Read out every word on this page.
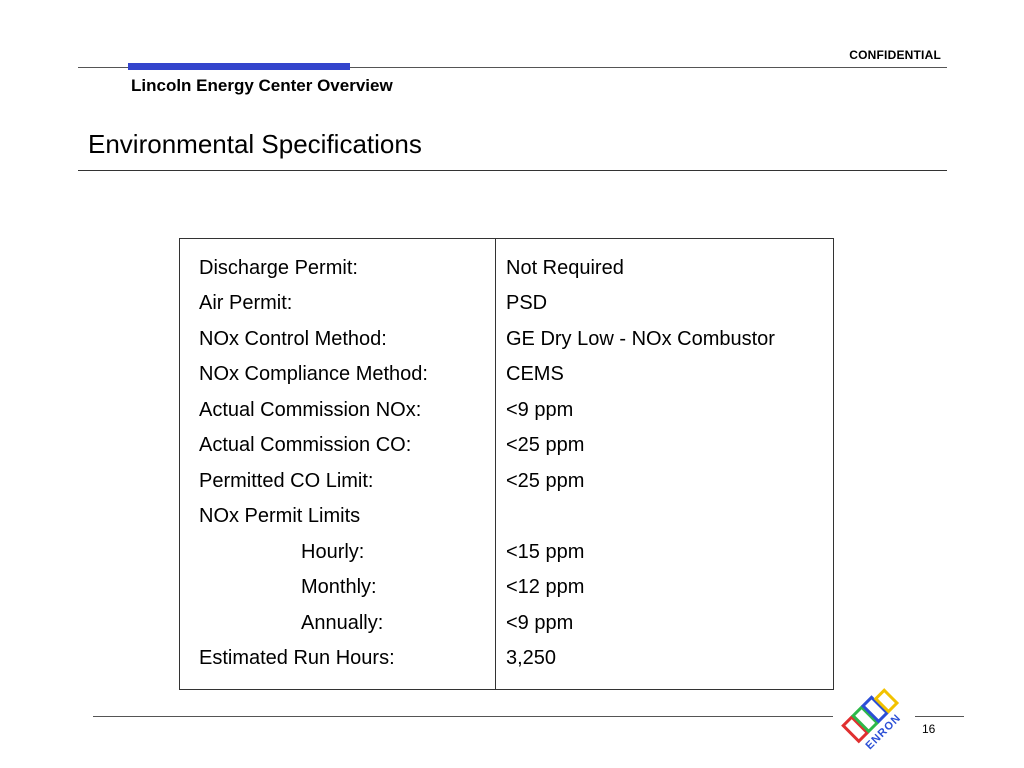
CONFIDENTIAL
Lincoln Energy Center Overview
Environmental Specifications
Discharge Permit:	Not Required
Air Permit:	PSD
NOx Control Method:	GE Dry Low - NOx Combustor
NOx Compliance Method:	CEMS
Actual Commission NOx:	<9 ppm
Actual Commission CO:	<25 ppm
Permitted CO Limit:	<25 ppm
NOx Permit Limits
Hourly:	<15 ppm
Monthly:	<12 ppm
Annually:	<9 ppm
Estimated Run Hours:	3,250
ENRON 16
